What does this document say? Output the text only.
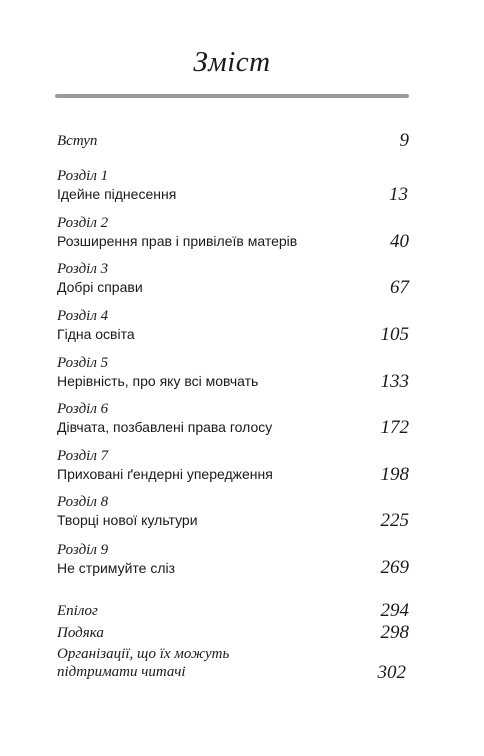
Зміст
Вступ	9
Розділ 1
Ідейне піднесення	13
Розділ 2
Розширення прав і привілеїв матерів	40
Розділ 3
Добрі справи	67
Розділ 4
Гідна освіта	105
Розділ 5
Нерівність, про яку всі мовчать	133
Розділ 6
Дівчата, позбавлені права голосу	172
Розділ 7
Приховані ґендерні упередження	198
Розділ 8
Творці нової культури	225
Розділ 9
Не стримуйте сліз	269
Епілог	294
Подяка	298
Організації, що їх можуть
підтримати читачі	302
